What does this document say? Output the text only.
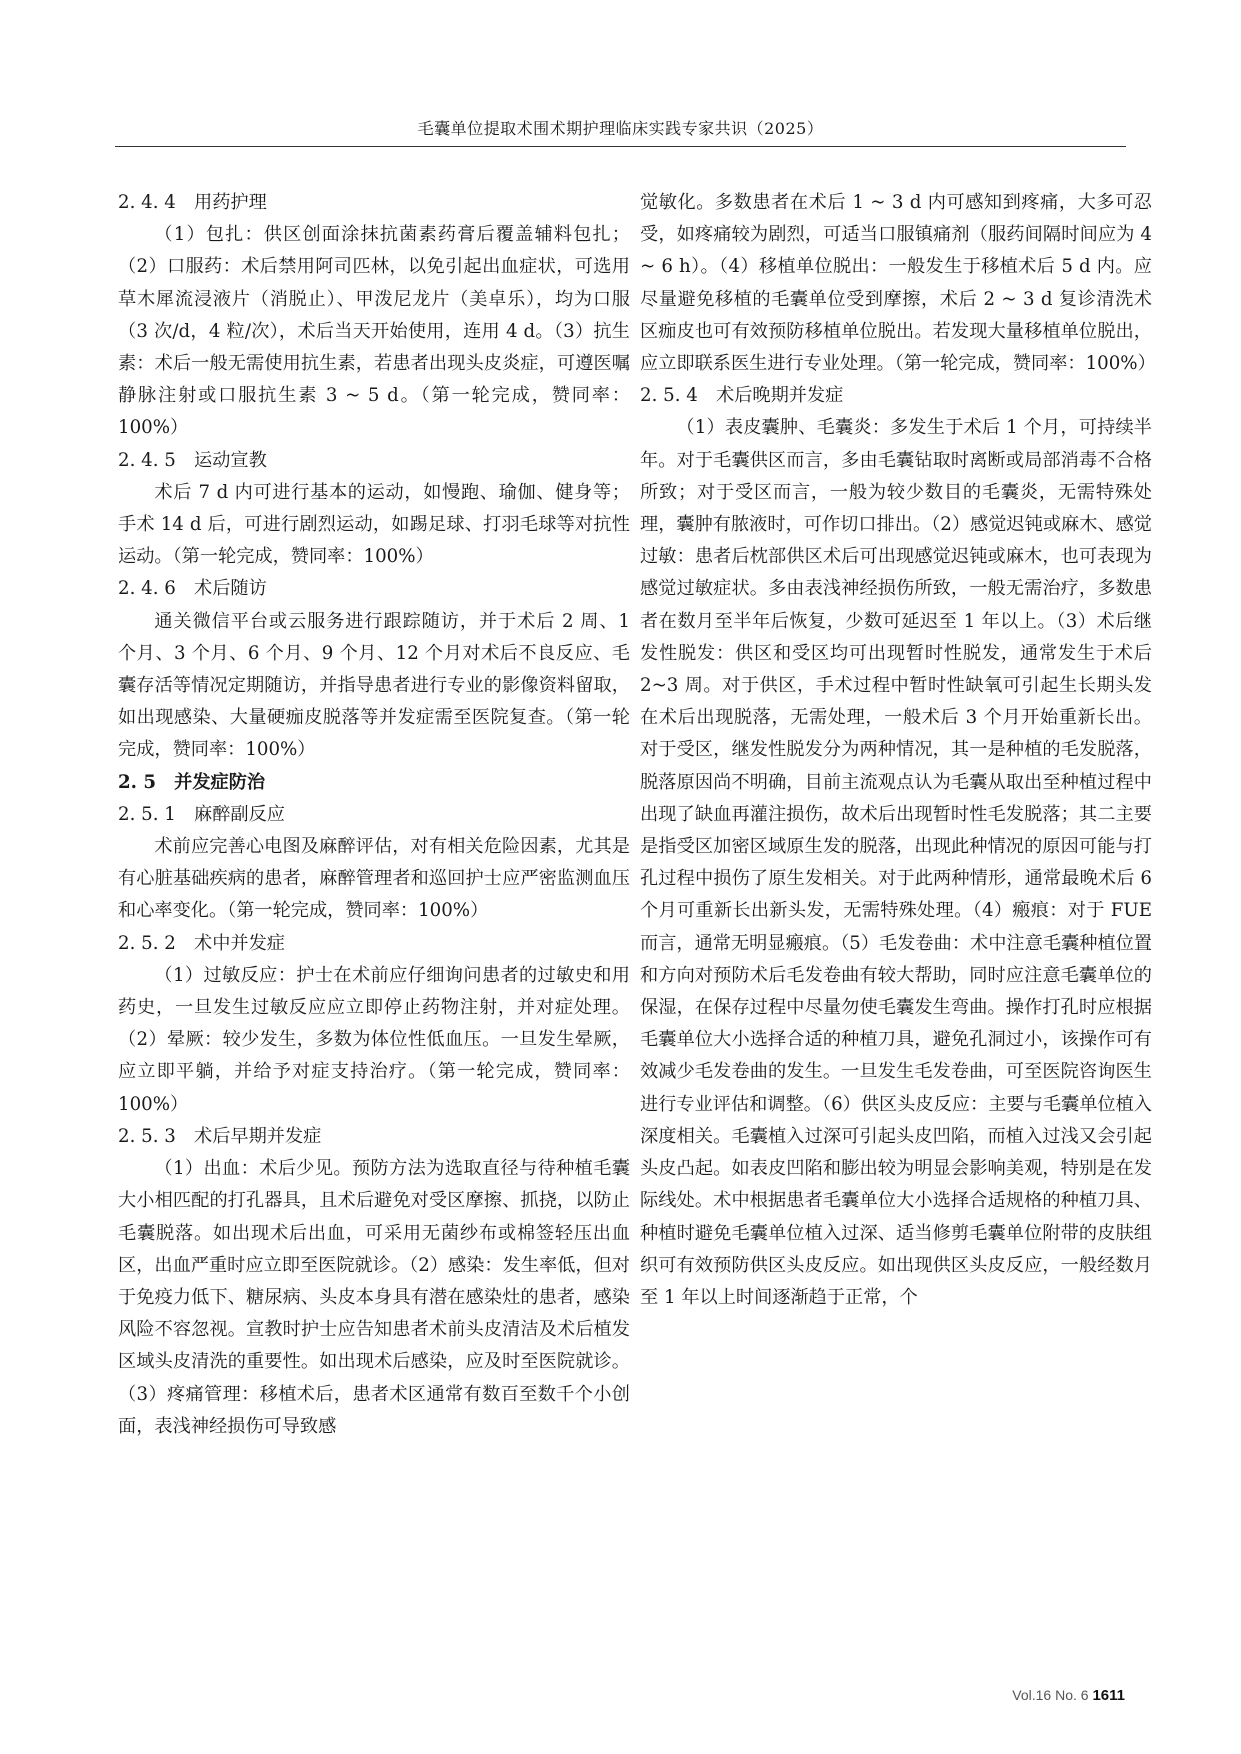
毛囊单位提取术围术期护理临床实践专家共识（2025）
2. 4. 4　用药护理
（1）包扎：供区创面涂抹抗菌素药膏后覆盖辅料包扎；（2）口服药：术后禁用阿司匹林，以免引起出血症状，可选用草木犀流浸液片（消脱止）、甲泼尼龙片（美卓乐），均为口服（3 次/d，4 粒/次），术后当天开始使用，连用 4 d。（3）抗生素：术后一般无需使用抗生素，若患者出现头皮炎症，可遵医嘱静脉注射或口服抗生素 3 ~ 5 d。（第一轮完成，赞同率：100%）
2. 4. 5　运动宣教
术后 7 d 内可进行基本的运动，如慢跑、瑜伽、健身等；手术 14 d 后，可进行剧烈运动，如踢足球、打羽毛球等对抗性运动。（第一轮完成，赞同率：100%）
2. 4. 6　术后随访
通关微信平台或云服务进行跟踪随访，并于术后 2 周、1 个月、3 个月、6 个月、9 个月、12 个月对术后不良反应、毛囊存活等情况定期随访，并指导患者进行专业的影像资料留取，如出现感染、大量硬痂皮脱落等并发症需至医院复查。（第一轮完成，赞同率：100%）
2. 5　并发症防治
2. 5. 1　麻醉副反应
术前应完善心电图及麻醉评估，对有相关危险因素，尤其是有心脏基础疾病的患者，麻醉管理者和巡回护士应严密监测血压和心率变化。（第一轮完成，赞同率：100%）
2. 5. 2　术中并发症
（1）过敏反应：护士在术前应仔细询问患者的过敏史和用药史，一旦发生过敏反应应立即停止药物注射，并对症处理。（2）晕厥：较少发生，多数为体位性低血压。一旦发生晕厥，应立即平躺，并给予对症支持治疗。（第一轮完成，赞同率：100%）
2. 5. 3　术后早期并发症
（1）出血：术后少见。预防方法为选取直径与待种植毛囊大小相匹配的打孔器具，且术后避免对受区摩擦、抓挠，以防止毛囊脱落。如出现术后出血，可采用无菌纱布或棉签轻压出血区，出血严重时应立即至医院就诊。（2）感染：发生率低，但对于免疫力低下、糖尿病、头皮本身具有潜在感染灶的患者，感染风险不容忽视。宣教时护士应告知患者术前头皮清洁及术后植发区域头皮清洗的重要性。如出现术后感染，应及时至医院就诊。（3）疼痛管理：移植术后，患者术区通常有数百至数千个小创面，表浅神经损伤可导致感
觉敏化。多数患者在术后 1 ~ 3 d 内可感知到疼痛，大多可忍受，如疼痛较为剧烈，可适当口服镇痛剂（服药间隔时间应为 4 ~ 6 h）。（4）移植单位脱出：一般发生于移植术后 5 d 内。应尽量避免移植的毛囊单位受到摩擦，术后 2 ~ 3 d 复诊清洗术区痂皮也可有效预防移植单位脱出。若发现大量移植单位脱出，应立即联系医生进行专业处理。（第一轮完成，赞同率：100%）
2. 5. 4　术后晚期并发症
（1）表皮囊肿、毛囊炎：多发生于术后 1 个月，可持续半年。对于毛囊供区而言，多由毛囊钻取时离断或局部消毒不合格所致；对于受区而言，一般为较少数目的毛囊炎，无需特殊处理，囊肿有脓液时，可作切口排出。（2）感觉迟钝或麻木、感觉过敏：患者后枕部供区术后可出现感觉迟钝或麻木，也可表现为感觉过敏症状。多由表浅神经损伤所致，一般无需治疗，多数患者在数月至半年后恢复，少数可延迟至 1 年以上。（3）术后继发性脱发：供区和受区均可出现暂时性脱发，通常发生于术后 2~3 周。对于供区，手术过程中暂时性缺氧可引起生长期头发在术后出现脱落，无需处理，一般术后 3 个月开始重新长出。对于受区，继发性脱发分为两种情况，其一是种植的毛发脱落，脱落原因尚不明确，目前主流观点认为毛囊从取出至种植过程中出现了缺血再灌注损伤，故术后出现暂时性毛发脱落；其二主要是指受区加密区域原生发的脱落，出现此种情况的原因可能与打孔过程中损伤了原生发相关。对于此两种情形，通常最晚术后 6 个月可重新长出新头发，无需特殊处理。（4）瘢痕：对于 FUE 而言，通常无明显瘢痕。（5）毛发卷曲：术中注意毛囊种植位置和方向对预防术后毛发卷曲有较大帮助，同时应注意毛囊单位的保湿，在保存过程中尽量勿使毛囊发生弯曲。操作打孔时应根据毛囊单位大小选择合适的种植刀具，避免孔洞过小，该操作可有效减少毛发卷曲的发生。一旦发生毛发卷曲，可至医院咨询医生进行专业评估和调整。（6）供区头皮反应：主要与毛囊单位植入深度相关。毛囊植入过深可引起头皮凹陷，而植入过浅又会引起头皮凸起。如表皮凹陷和膨出较为明显会影响美观，特别是在发际线处。术中根据患者毛囊单位大小选择合适规格的种植刀具、种植时避免毛囊单位植入过深、适当修剪毛囊单位附带的皮肤组织可有效预防供区头皮反应。如出现供区头皮反应，一般经数月至 1 年以上时间逐渐趋于正常，个
Vol.16 No. 6 1611
